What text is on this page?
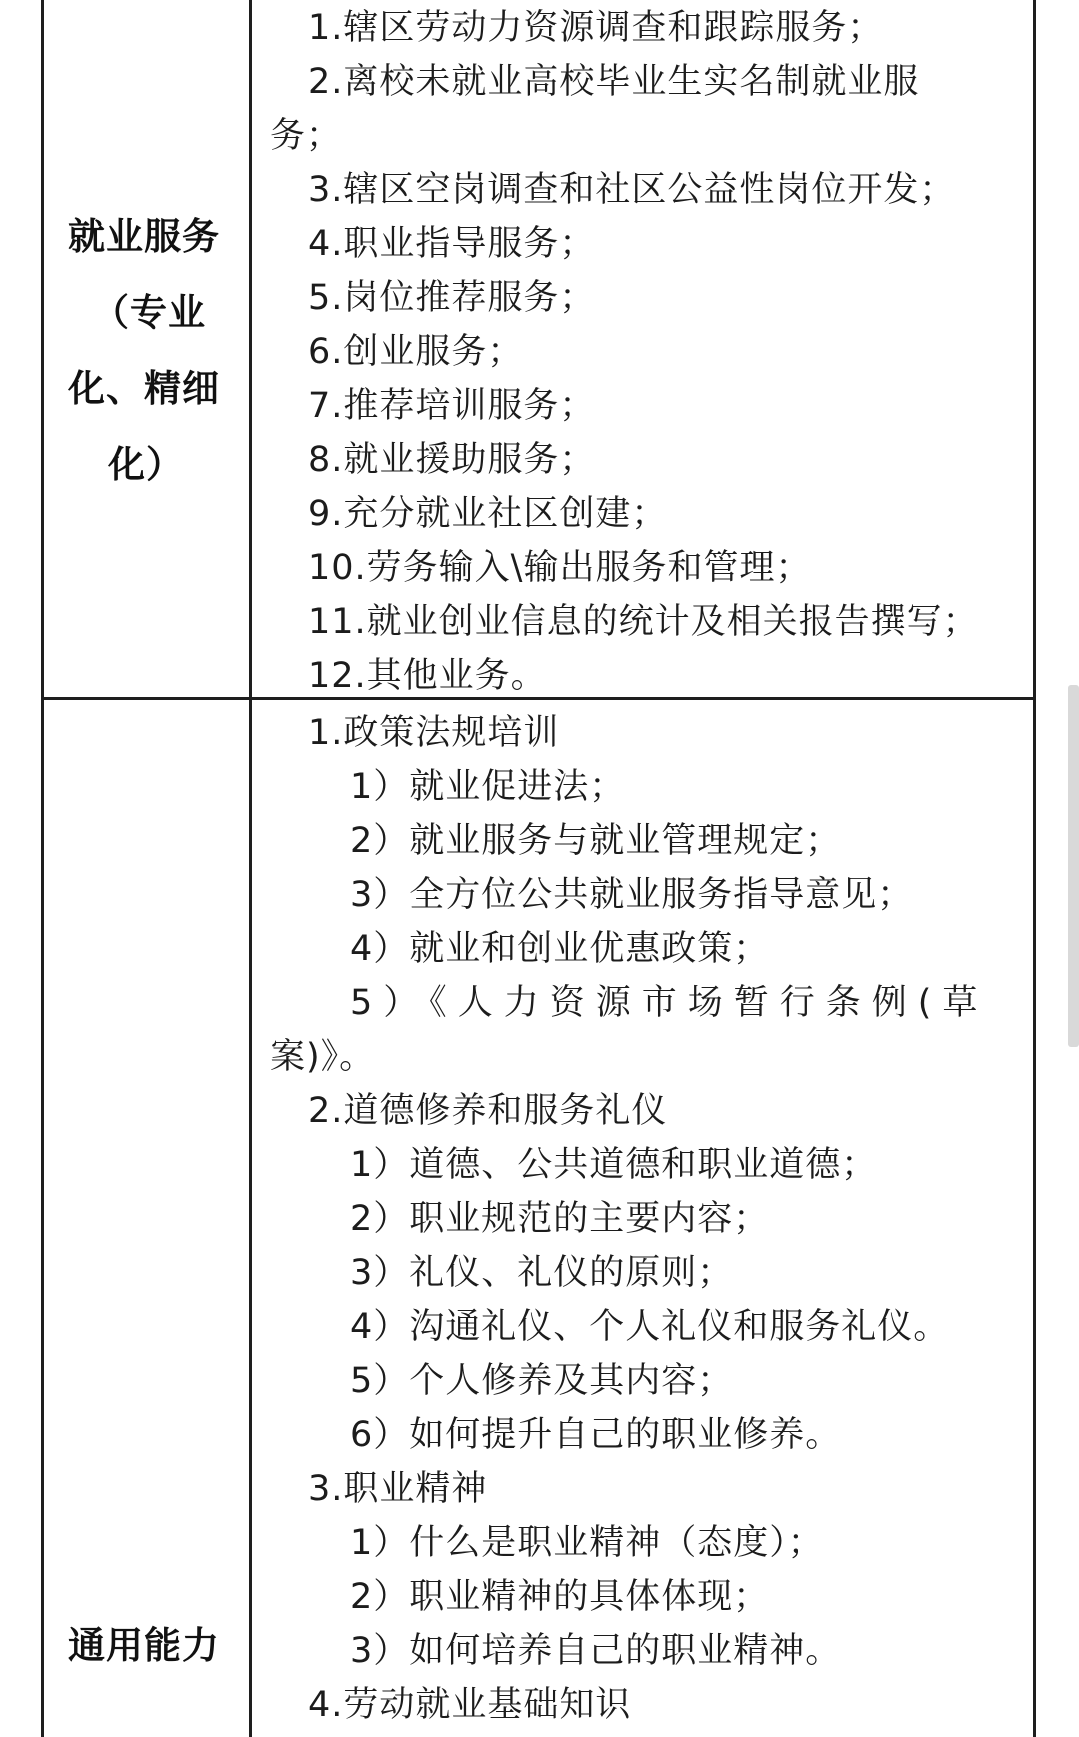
就业服务
（专业
化、精细
化）
1.辖区劳动力资源调查和跟踪服务；
2.离校未就业高校毕业生实名制就业服
务；
3.辖区空岗调查和社区公益性岗位开发；
4.职业指导服务；
5.岗位推荐服务；
6.创业服务；
7.推荐培训服务；
8.就业援助服务；
9.充分就业社区创建；
10.劳务输入\输出服务和管理；
11.就业创业信息的统计及相关报告撰写；
12.其他业务。
通用能力
1.政策法规培训
1）就业促进法；
2）就业服务与就业管理规定；
3）全方位公共就业服务指导意见；
4）就业和创业优惠政策；
5）《人力资源市场暂行条例(草
案)》。
2.道德修养和服务礼仪
1）道德、公共道德和职业道德；
2）职业规范的主要内容；
3）礼仪、礼仪的原则；
4）沟通礼仪、个人礼仪和服务礼仪。
5）个人修养及其内容；
6）如何提升自己的职业修养。
3.职业精神
1）什么是职业精神（态度）；
2）职业精神的具体体现；
3）如何培养自己的职业精神。
4.劳动就业基础知识
